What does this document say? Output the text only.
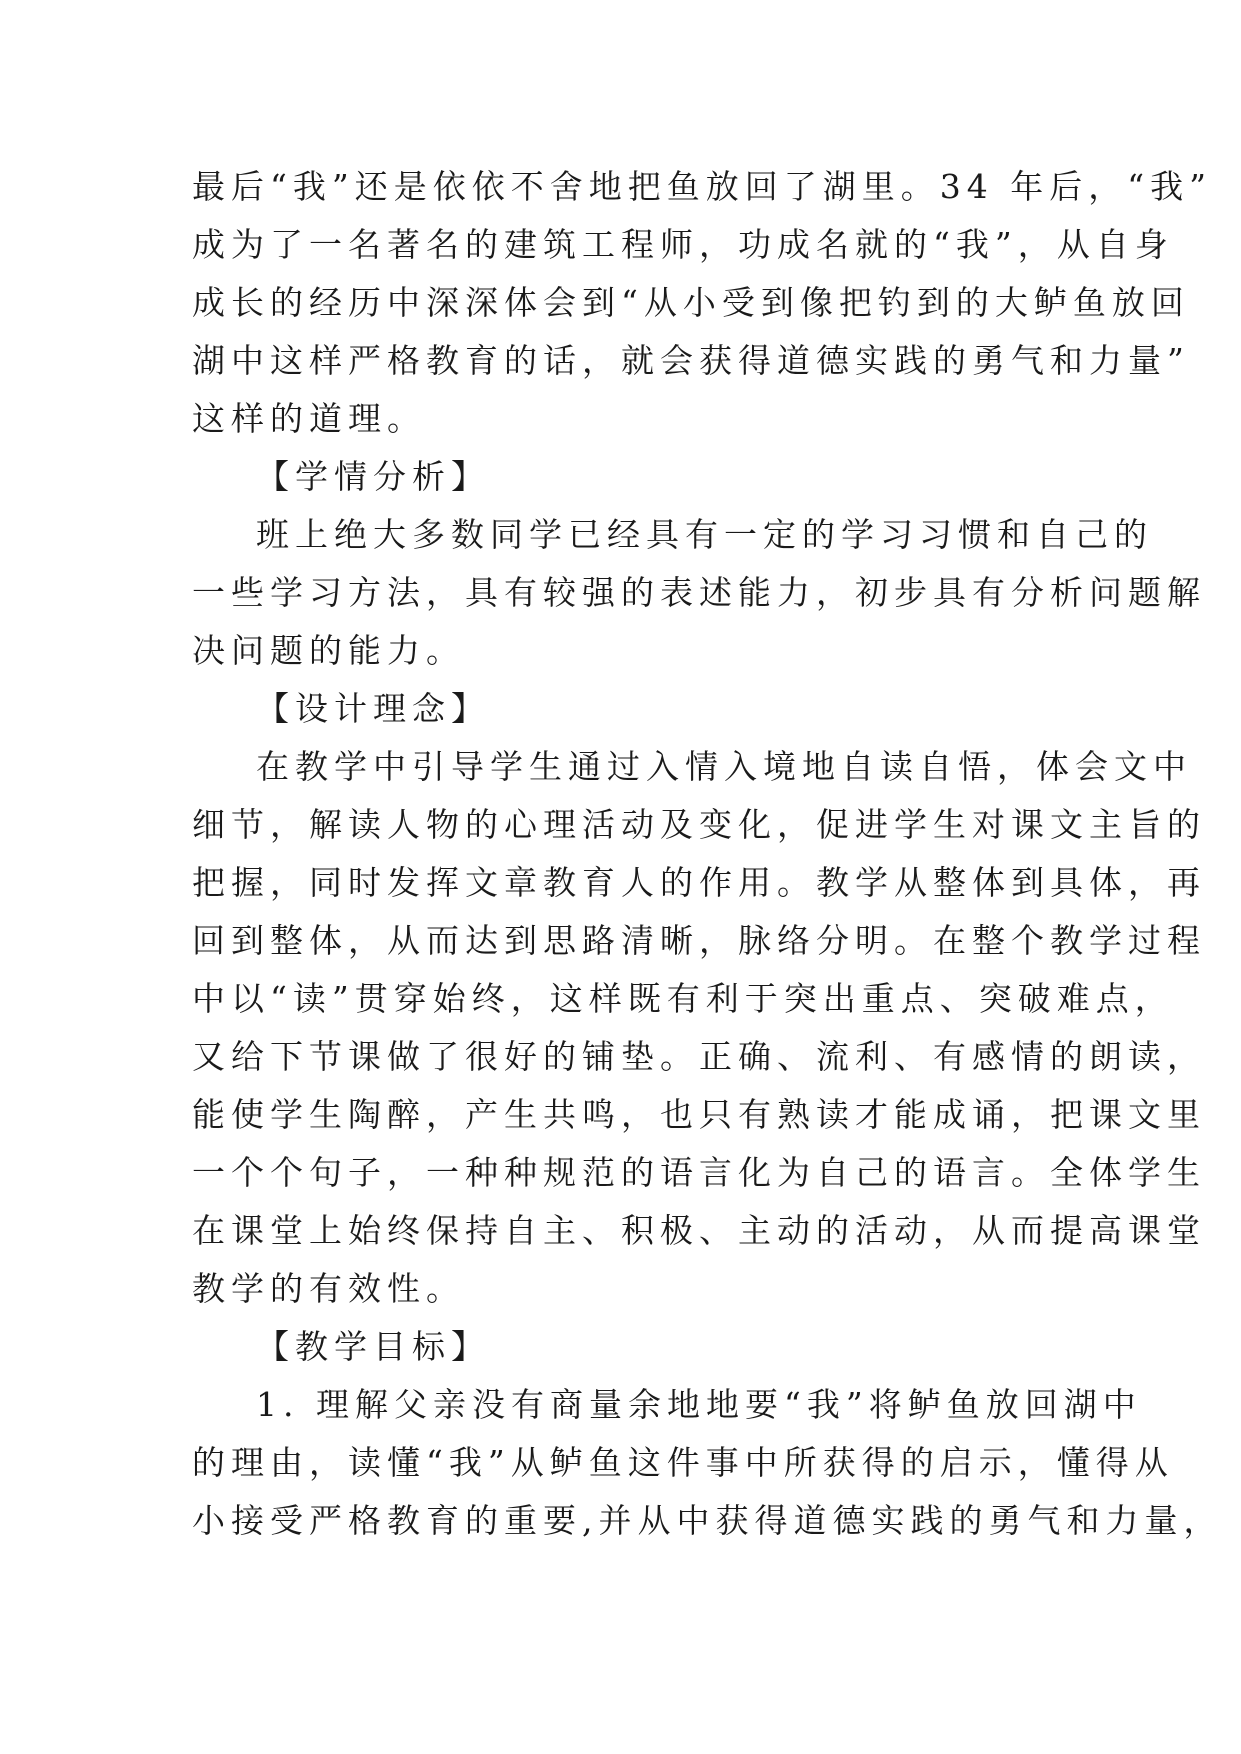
最后“我”还是依依不舍地把鱼放回了湖里。34 年后，“我”
成为了一名著名的建筑工程师，功成名就的“我”，从自身
成长的经历中深深体会到“从小受到像把钓到的大鲈鱼放回
湖中这样严格教育的话，就会获得道德实践的勇气和力量”
这样的道理。
【学情分析】
班上绝大多数同学已经具有一定的学习习惯和自己的
一些学习方法，具有较强的表述能力，初步具有分析问题解
决问题的能力。
【设计理念】
在教学中引导学生通过入情入境地自读自悟，体会文中
细节，解读人物的心理活动及变化，促进学生对课文主旨的
把握，同时发挥文章教育人的作用。教学从整体到具体，再
回到整体，从而达到思路清晰，脉络分明。在整个教学过程
中以“读”贯穿始终，这样既有利于突出重点、突破难点，
又给下节课做了很好的铺垫。正确、流利、有感情的朗读，
能使学生陶醉，产生共鸣，也只有熟读才能成诵，把课文里
一个个句子，一种种规范的语言化为自己的语言。全体学生
在课堂上始终保持自主、积极、主动的活动，从而提高课堂
教学的有效性。
【教学目标】
1. 理解父亲没有商量余地地要“我”将鲈鱼放回湖中
的理由，读懂“我”从鲈鱼这件事中所获得的启示，懂得从
小接受严格教育的重要,并从中获得道德实践的勇气和力量，
